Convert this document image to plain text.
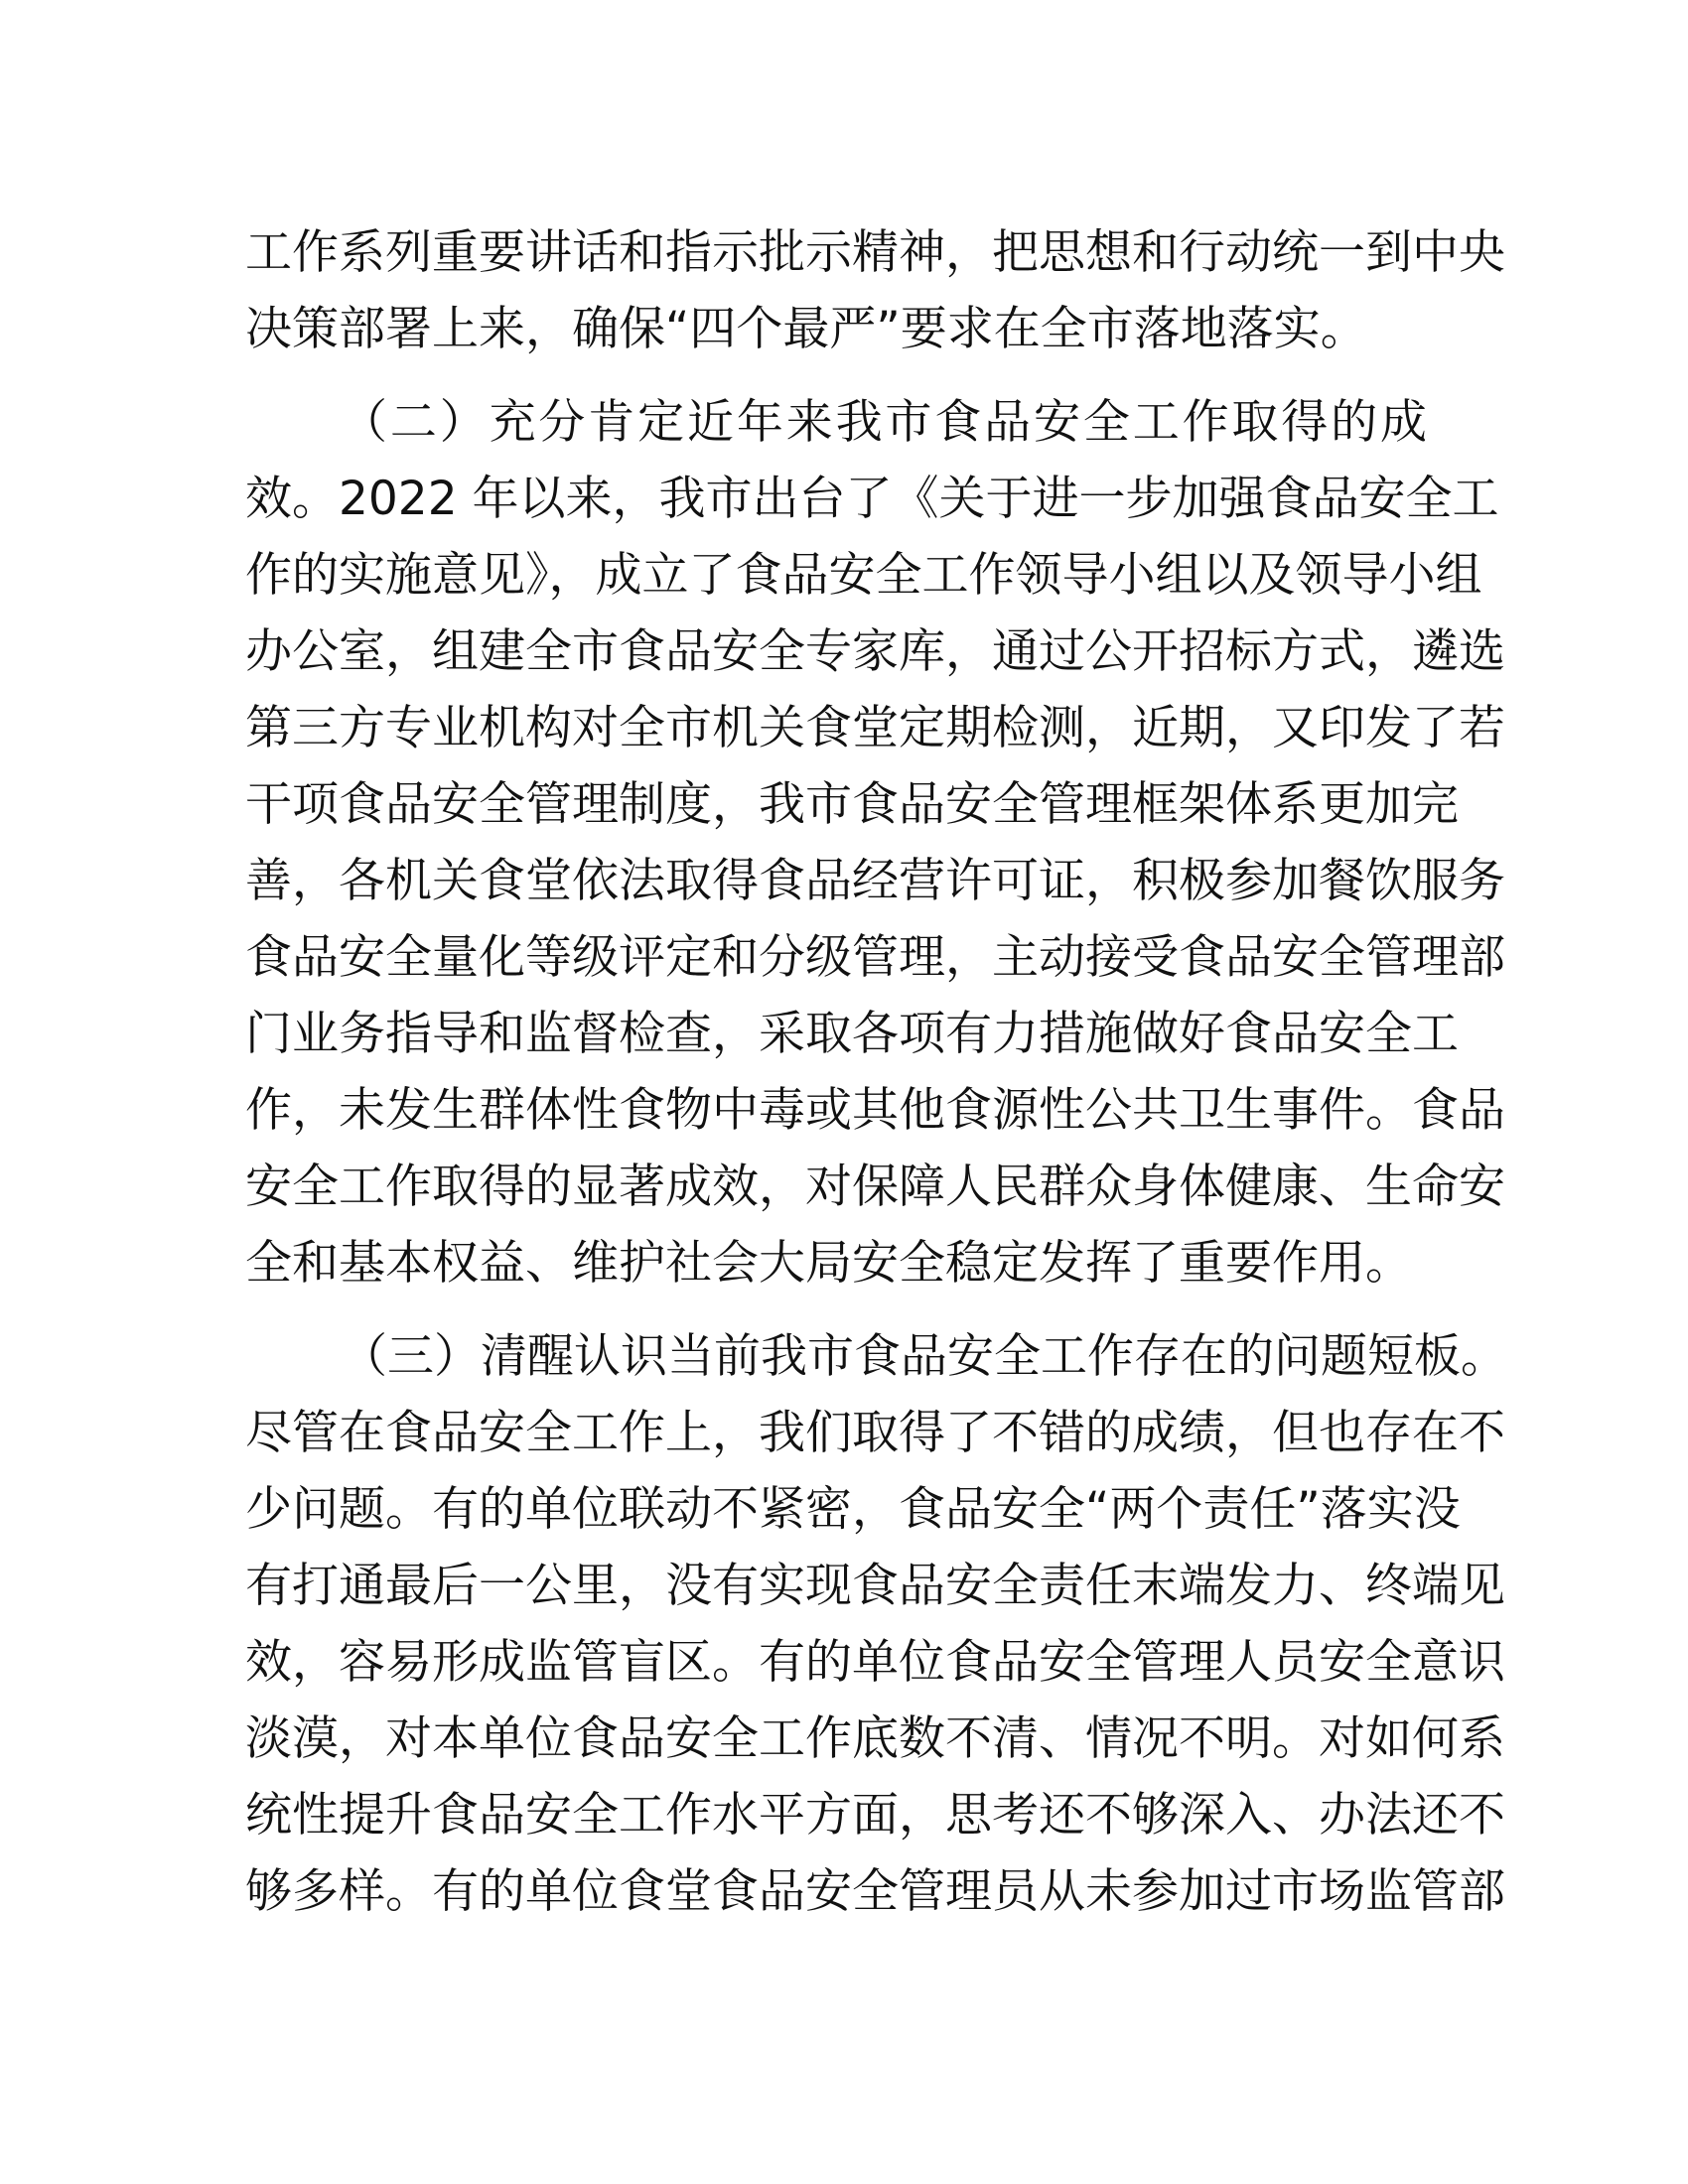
工作系列重要讲话和指示批示精神，把思想和行动统一到中央
决策部署上来，确保“四个最严”要求在全市落地落实。
（二）充分肯定近年来我市食品安全工作取得的成
效。2022 年以来，我市出台了《关于进一步加强食品安全工
作的实施意见》，成立了食品安全工作领导小组以及领导小组
办公室，组建全市食品安全专家库，通过公开招标方式，遴选
第三方专业机构对全市机关食堂定期检测，近期，又印发了若
干项食品安全管理制度，我市食品安全管理框架体系更加完
善，各机关食堂依法取得食品经营许可证，积极参加餐饮服务
食品安全量化等级评定和分级管理，主动接受食品安全管理部
门业务指导和监督检查，采取各项有力措施做好食品安全工
作，未发生群体性食物中毒或其他食源性公共卫生事件。食品
安全工作取得的显著成效，对保障人民群众身体健康、生命安
全和基本权益、维护社会大局安全稳定发挥了重要作用。
（三）清醒认识当前我市食品安全工作存在的问题短板。
尽管在食品安全工作上，我们取得了不错的成绩，但也存在不
少问题。有的单位联动不紧密，食品安全“两个责任”落实没
有打通最后一公里，没有实现食品安全责任末端发力、终端见
效，容易形成监管盲区。有的单位食品安全管理人员安全意识
淡漠，对本单位食品安全工作底数不清、情况不明。对如何系
统性提升食品安全工作水平方面，思考还不够深入、办法还不
够多样。有的单位食堂食品安全管理员从未参加过市场监管部
